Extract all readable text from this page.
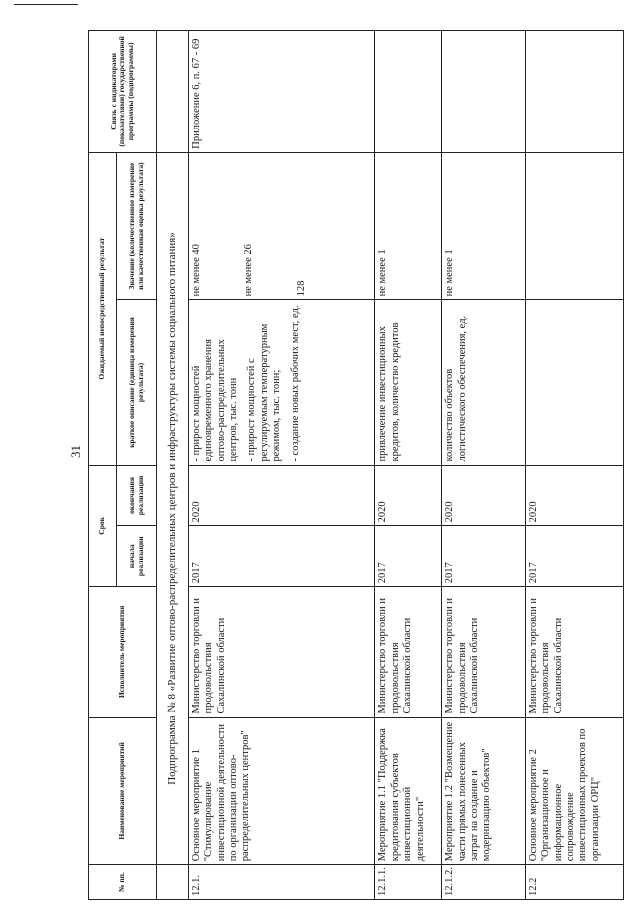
31
№ пп.	Наименование мероприятий	Исполнитель мероприятия	Срок		Ожидаемый непосредственный результат		Связь с индикаторами (показателями) государственной программы (подпрограммы)
			начала реализации	окончания реализации	краткое описание (единица измерения результата)	Значение (количественное измерение или качественная оценка результата)	
	Подпрограмма № 8 «Развитие оптово-распределительных центров и инфраструктуры системы социального питания»						
12.1.	Основное мероприятие 1 "Стимулирование инвестиционной деятельности по организации оптово-распределительных центров"	Министерство торговли и продовольствия Сахалинской области	2017	2020	- прирост мощностей единовременного хранения оптово-распределительных центров, тыс. тонн - прирост мощностей с регулируемым температурным режимом, тыс. тонн; - создание новых рабочих мест, ед.	не менее 40 не менее 26 128	Приложение 6, п. 67 - 69
12.1.1.	Мероприятие 1.1 "Поддержка кредитования субъектов инвестиционной деятельности"	Министерство торговли и продовольствия Сахалинской области	2017	2020	привлечение инвестиционных кредитов, количество кредитов	не менее 1	
12.1.2.	Мероприятие 1.2 "Возмещение части прямых понесенных затрат на создание и модернизацию объектов"	Министерство торговли и продовольствия Сахалинской области	2017	2020	количество объектов логистического обеспечения, ед.	не менее 1	
12.2	Основное мероприятие 2 "Организационное и информационное сопровождение инвестиционных проектов по организации ОРЦ"	Министерство торговли и продовольствия Сахалинской области	2017	2020			
